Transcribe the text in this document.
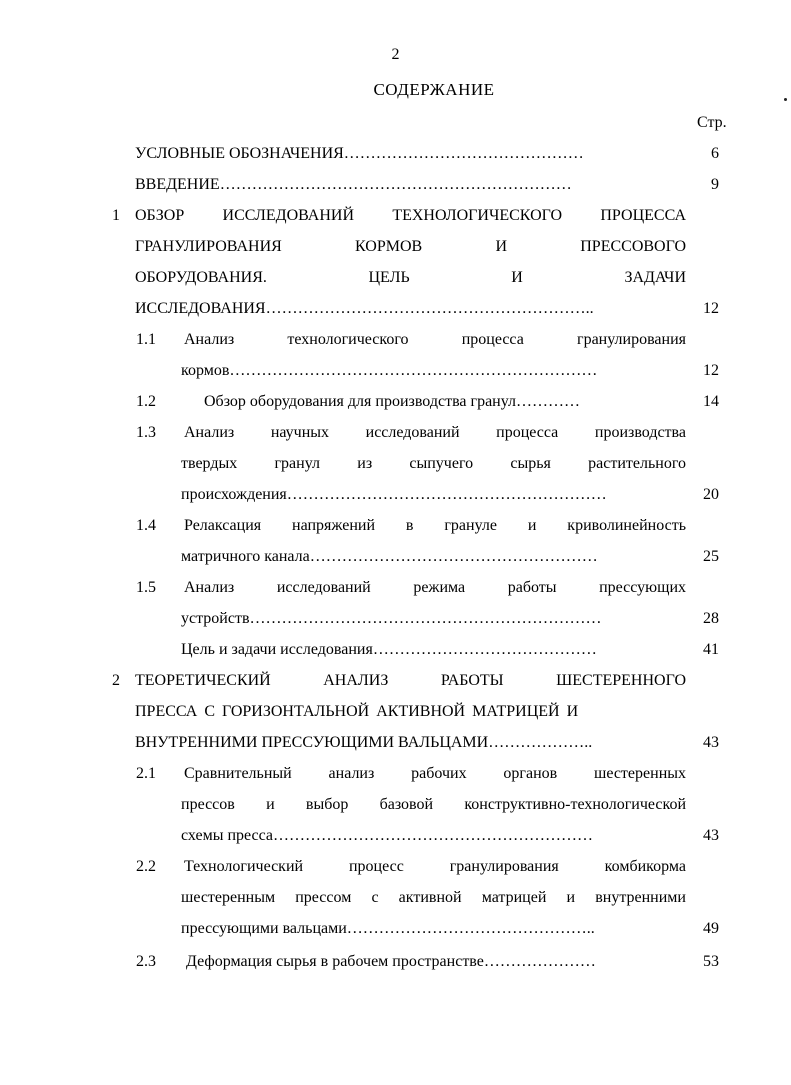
2
СОДЕРЖАНИЕ
Стр.
УСЛОВНЫЕ ОБОЗНАЧЕНИЯ………………………………………	6
ВВЕДЕНИЕ…………………………………………………………	9
1 ОБЗОР ИССЛЕДОВАНИЙ ТЕХНОЛОГИЧЕСКОГО ПРОЦЕССА
ГРАНУЛИРОВАНИЯ КОРМОВ И ПРЕССОВОГО
ОБОРУДОВАНИЯ. ЦЕЛЬ И ЗАДАЧИ
ИССЛЕДОВАНИЯ……………………………………………………..	12
1.1 Анализ технологического процесса гранулирования
кормов……………………………………………………………	12
1.2	Обзор оборудования для производства гранул…………	14
1.3 Анализ научных исследований процесса производства
твердых гранул из сыпучего сырья растительного
происхождения……………………………………………………	20
1.4 Релаксация напряжений в грануле и криволинейность
матричного канала………………………………………………	25
1.5 Анализ исследований режима работы прессующих
устройств…………………………………………………………	28
Цель и задачи исследования……………………………………	41
2 ТЕОРЕТИЧЕСКИЙ АНАЛИЗ РАБОТЫ ШЕСТЕРЕННОГО
ПРЕССА С ГОРИЗОНТАЛЬНОЙ АКТИВНОЙ МАТРИЦЕЙ И
ВНУТРЕННИМИ ПРЕССУЮЩИМИ ВАЛЬЦАМИ………………..	43
2.1 Сравнительный анализ рабочих органов шестеренных
прессов и выбор базовой конструктивно-технологической
схемы пресса……………………………………………………	43
2.2 Технологический процесс гранулирования комбикорма
шестеренным прессом с активной матрицей и внутренними
прессующими вальцами………………………………………..	49
2.3 Деформация сырья в рабочем пространстве…………………	53
